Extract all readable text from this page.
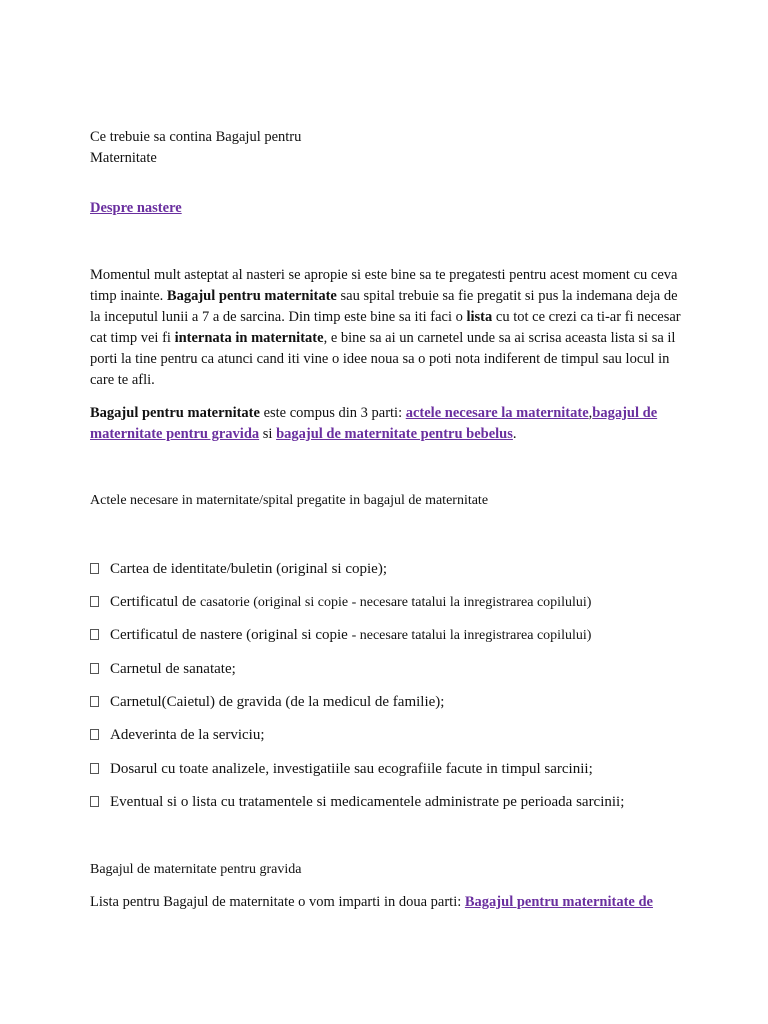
Ce trebuie sa contina Bagajul pentru
Maternitate
Despre nastere
Momentul mult asteptat al nasteri se apropie si este bine sa te pregatesti pentru acest moment cu ceva timp inainte. Bagajul pentru maternitate sau spital trebuie sa fie pregatit si pus la indemana deja de la inceputul lunii a 7 a de sarcina. Din timp este bine sa iti faci o lista cu tot ce crezi ca ti-ar fi necesar cat timp vei fi internata in maternitate, e bine sa ai un carnetel unde sa ai scrisa aceasta lista si sa il porti la tine pentru ca atunci cand iti vine o idee noua sa o poti nota indiferent de timpul sau locul in care te afli.
Bagajul pentru maternitate este compus din 3 parti: actele necesare la maternitate,bagajul de maternitate pentru gravida si bagajul de maternitate pentru bebelus.
Actele necesare in maternitate/spital pregatite in bagajul de maternitate
Cartea de identitate/buletin (original si copie);
Certificatul de casatorie (original si copie - necesare tatalui la inregistrarea copilului)
Certificatul de nastere (original si copie - necesare tatalui la inregistrarea copilului)
Carnetul de sanatate;
Carnetul(Caietul) de gravida (de la medicul de familie);
Adeverinta de la serviciu;
Dosarul cu toate analizele, investigatiile sau ecografiile facute in timpul sarcinii;
Eventual si o lista cu tratamentele si medicamentele administrate pe perioada sarcinii;
Bagajul de maternitate pentru gravida
Lista pentru Bagajul de maternitate o vom imparti in doua parti: Bagajul pentru maternitate de
